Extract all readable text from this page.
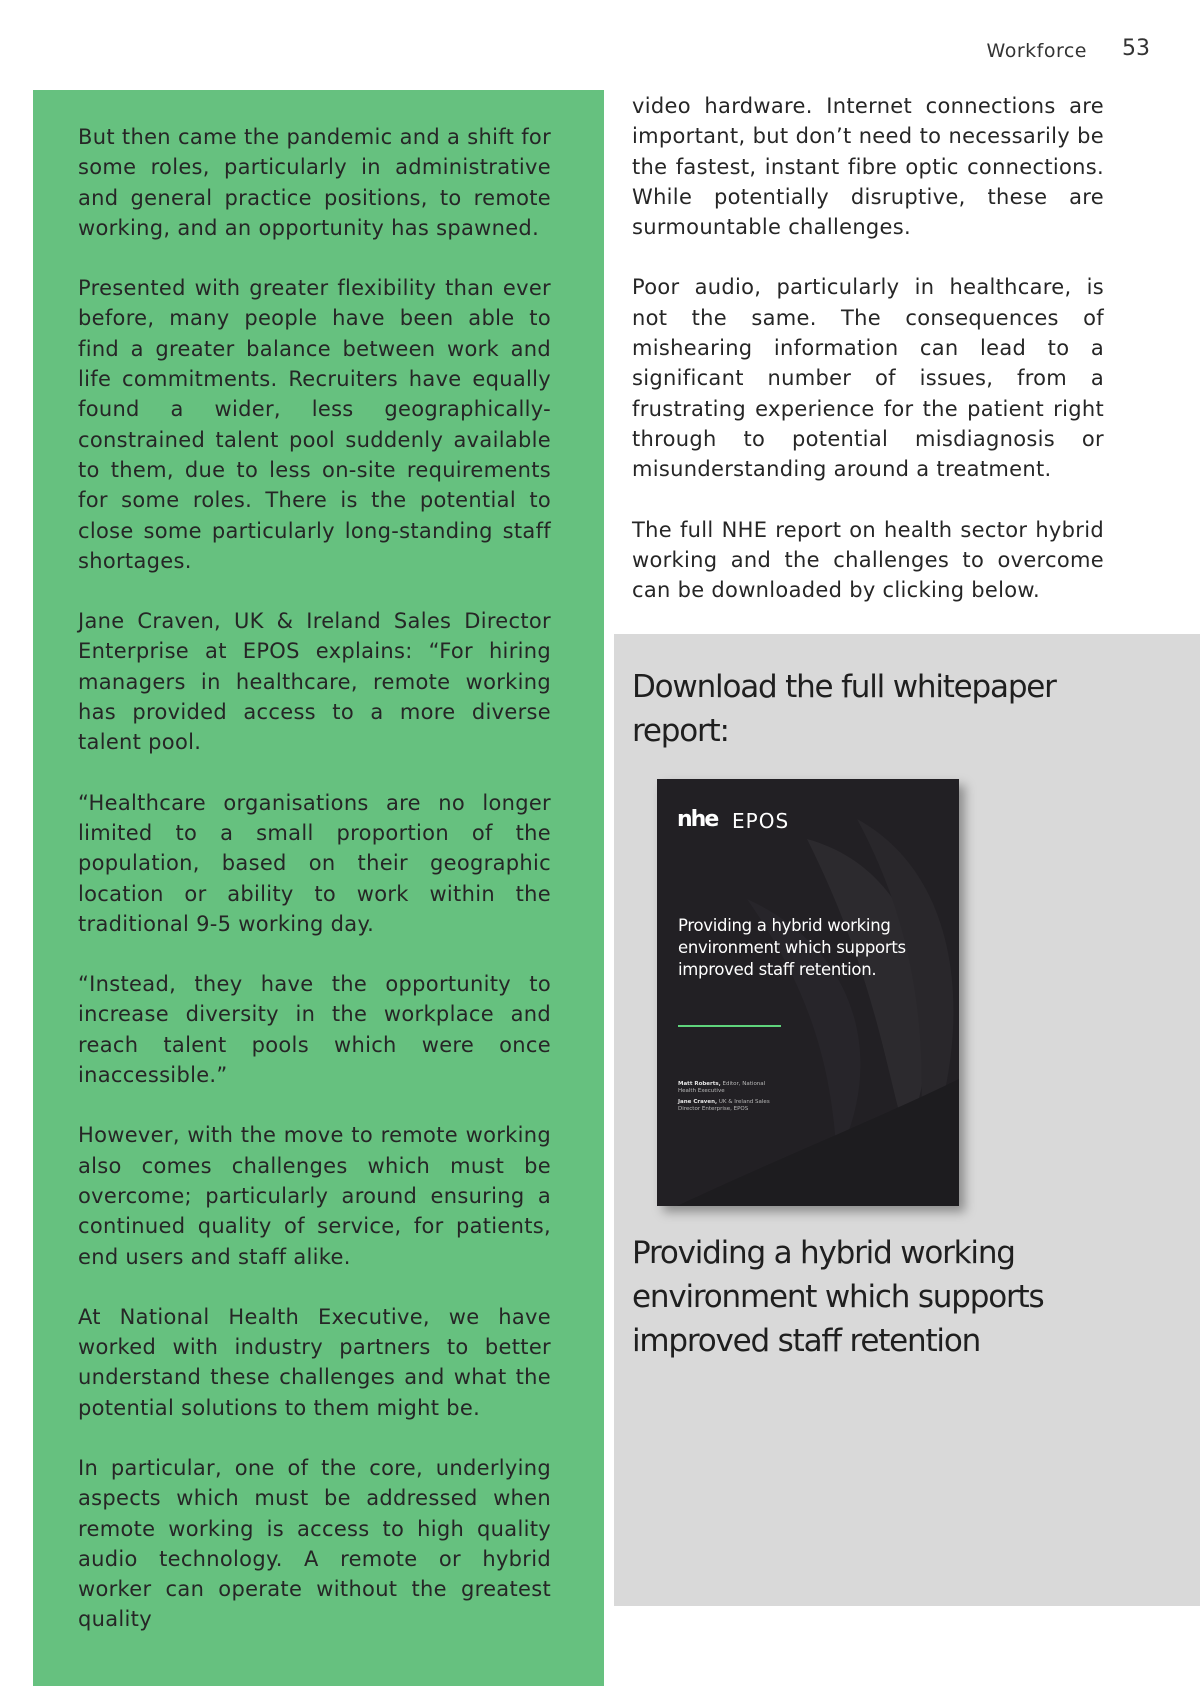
Workforce 53

But then came the pandemic and a shift for some roles, particularly in administrative and general practice positions, to remote working, and an opportunity has spawned.

Presented with greater flexibility than ever before, many people have been able to find a greater balance between work and life commitments. Recruiters have equally found a wider, less geographically-constrained talent pool suddenly available to them, due to less on-site requirements for some roles. There is the potential to close some particularly long-standing staff shortages.

Jane Craven, UK & Ireland Sales Director Enterprise at EPOS explains: “For hiring managers in healthcare, remote working has provided access to a more diverse talent pool.

“Healthcare organisations are no longer limited to a small proportion of the population, based on their geographic location or ability to work within the traditional 9-5 working day.

“Instead, they have the opportunity to increase diversity in the workplace and reach talent pools which were once inaccessible.”

However, with the move to remote working also comes challenges which must be overcome; particularly around ensuring a continued quality of service, for patients, end users and staff alike.

At National Health Executive, we have worked with industry partners to better understand these challenges and what the potential solutions to them might be.

In particular, one of the core, underlying aspects which must be addressed when remote working is access to high quality audio technology. A remote or hybrid worker can operate without the greatest quality

video hardware. Internet connections are important, but don’t need to necessarily be the fastest, instant fibre optic connections. While potentially disruptive, these are surmountable challenges.

Poor audio, particularly in healthcare, is not the same. The consequences of mishearing information can lead to a significant number of issues, from a frustrating experience for the patient right through to potential misdiagnosis or misunderstanding around a treatment.

The full NHE report on health sector hybrid working and the challenges to overcome can be downloaded by clicking below.

Download the full whitepaper report:
nhe EPOS
Providing a hybrid working environment which supports improved staff retention.
Matt Roberts, Editor, National Health Executive
Jane Craven, UK & Ireland Sales Director Enterprise, EPOS
Providing a hybrid working environment which supports improved staff retention
